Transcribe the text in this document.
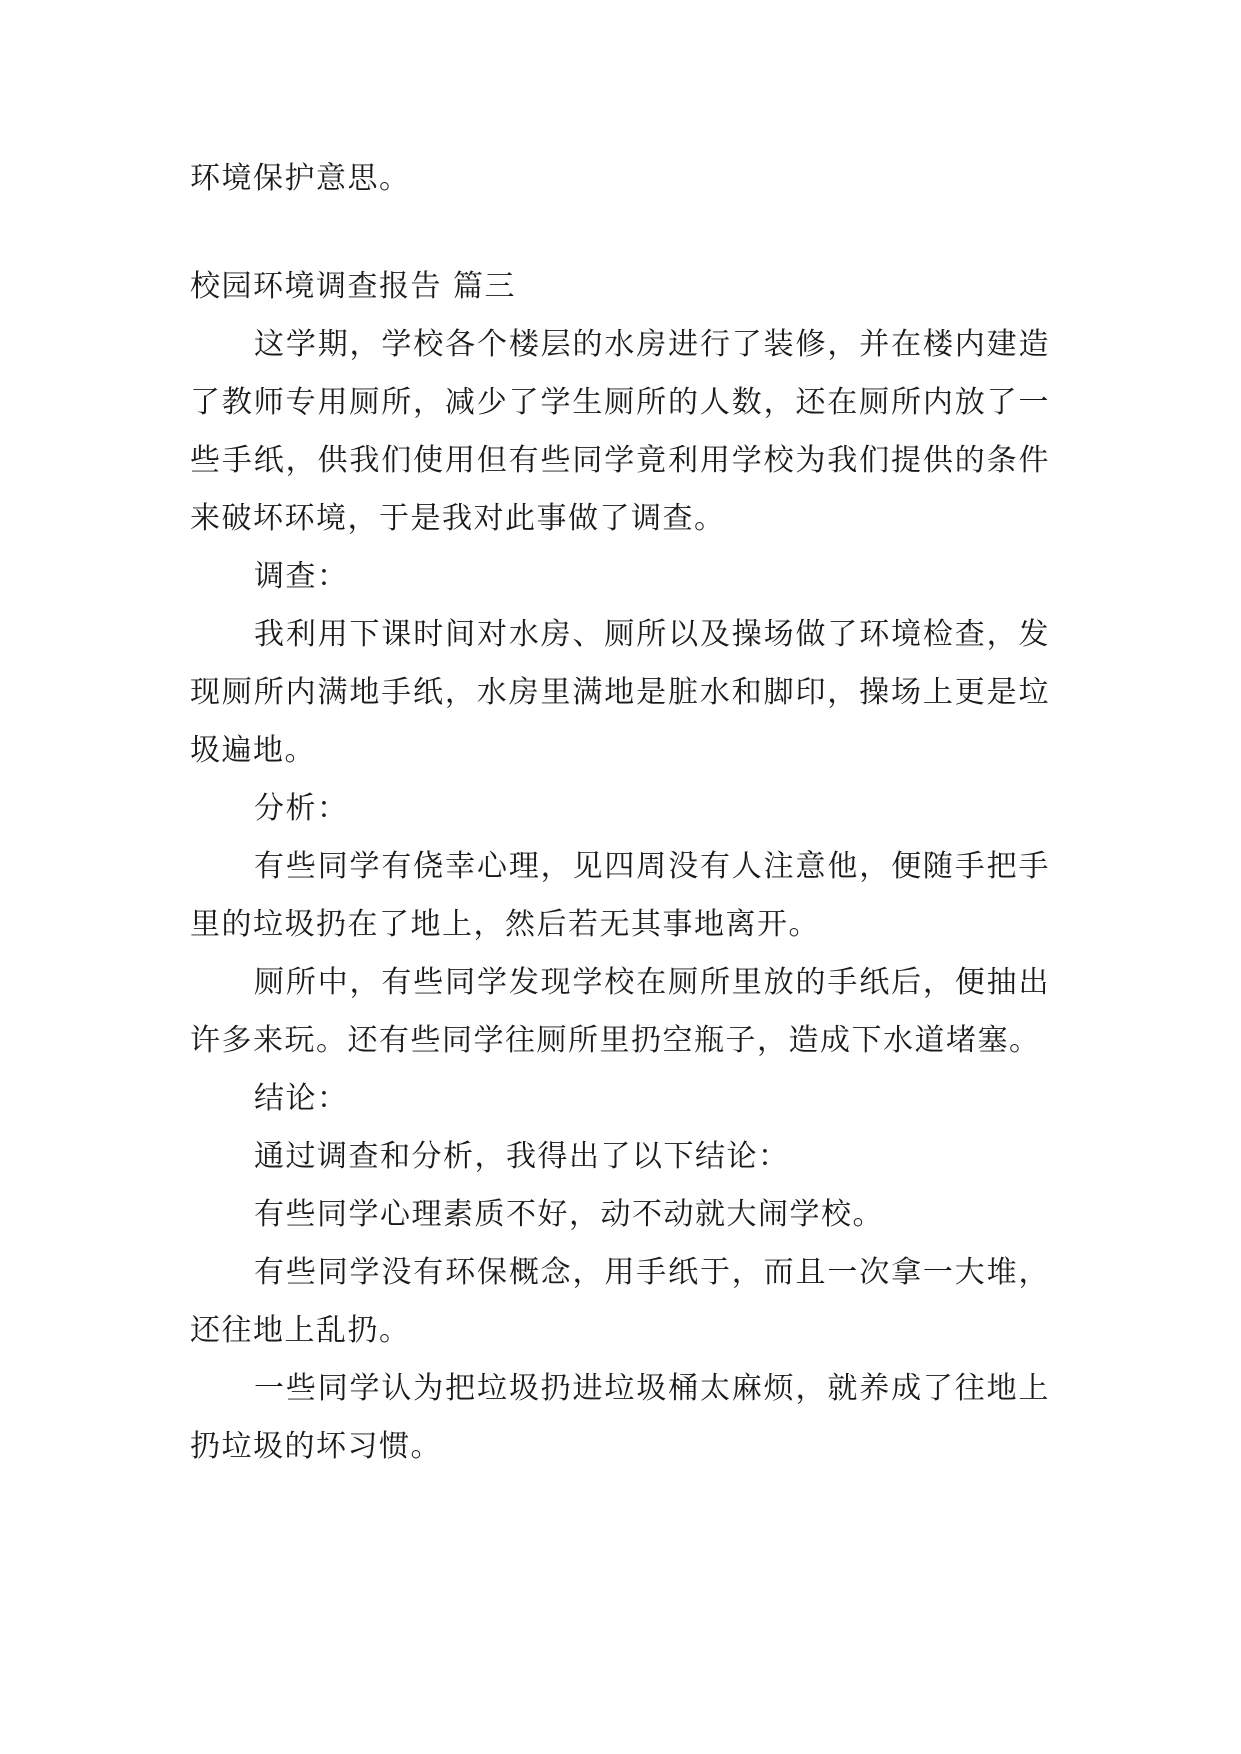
环境保护意思。

校园环境调查报告 篇三

这学期，学校各个楼层的水房进行了装修，并在楼内建造了教师专用厕所，减少了学生厕所的人数，还在厕所内放了一些手纸，供我们使用但有些同学竟利用学校为我们提供的条件来破坏环境，于是我对此事做了调查。

调查：

我利用下课时间对水房、厕所以及操场做了环境检查，发现厕所内满地手纸，水房里满地是脏水和脚印，操场上更是垃圾遍地。

分析：

有些同学有侥幸心理，见四周没有人注意他，便随手把手里的垃圾扔在了地上，然后若无其事地离开。

厕所中，有些同学发现学校在厕所里放的手纸后，便抽出许多来玩。还有些同学往厕所里扔空瓶子，造成下水道堵塞。

结论：

通过调查和分析，我得出了以下结论：

有些同学心理素质不好，动不动就大闹学校。

有些同学没有环保概念，用手纸于，而且一次拿一大堆，还往地上乱扔。

一些同学认为把垃圾扔进垃圾桶太麻烦，就养成了往地上扔垃圾的坏习惯。
